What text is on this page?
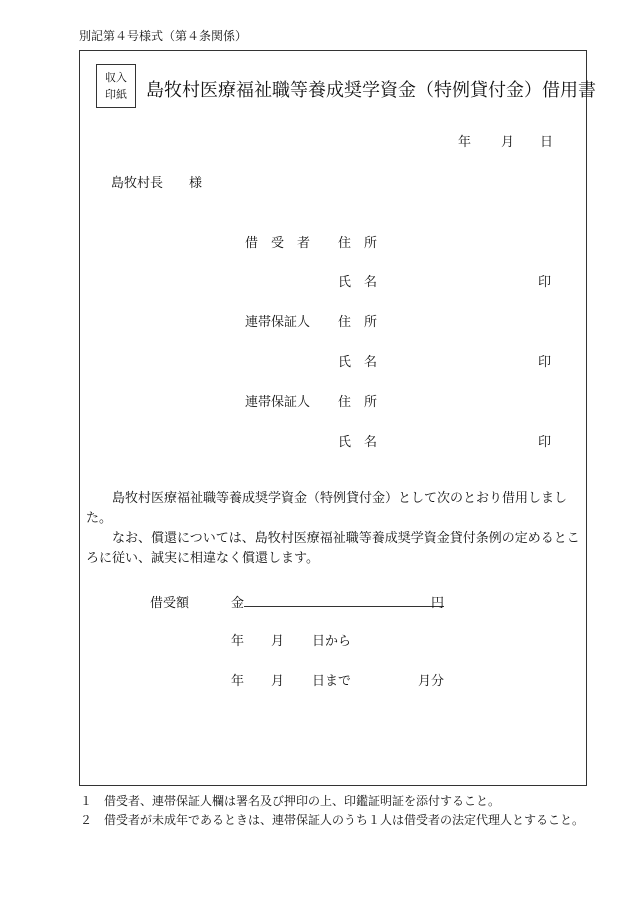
別記第４号様式（第４条関係）
収入
印紙	島牧村医療福祉職等養成奨学資金（特例貸付金）借用書
年 月 日
島牧村長　　様
借　受　者 住　所
氏　名	印
連帯保証人 住　所
氏　名	印
連帯保証人 住　所
氏　名	印
島牧村医療福祉職等養成奨学資金（特例貸付金）として次のとおり借用しました。
なお、償還については、島牧村医療福祉職等養成奨学資金貸付条例の定めるところに従い、誠実に相違なく償還します。
借受額	金	円
年 月 日から
年 月 日まで	月分
１　借受者、連帯保証人欄は署名及び押印の上、印鑑証明証を添付すること。
２　借受者が未成年であるときは、連帯保証人のうち１人は借受者の法定代理人とすること。
